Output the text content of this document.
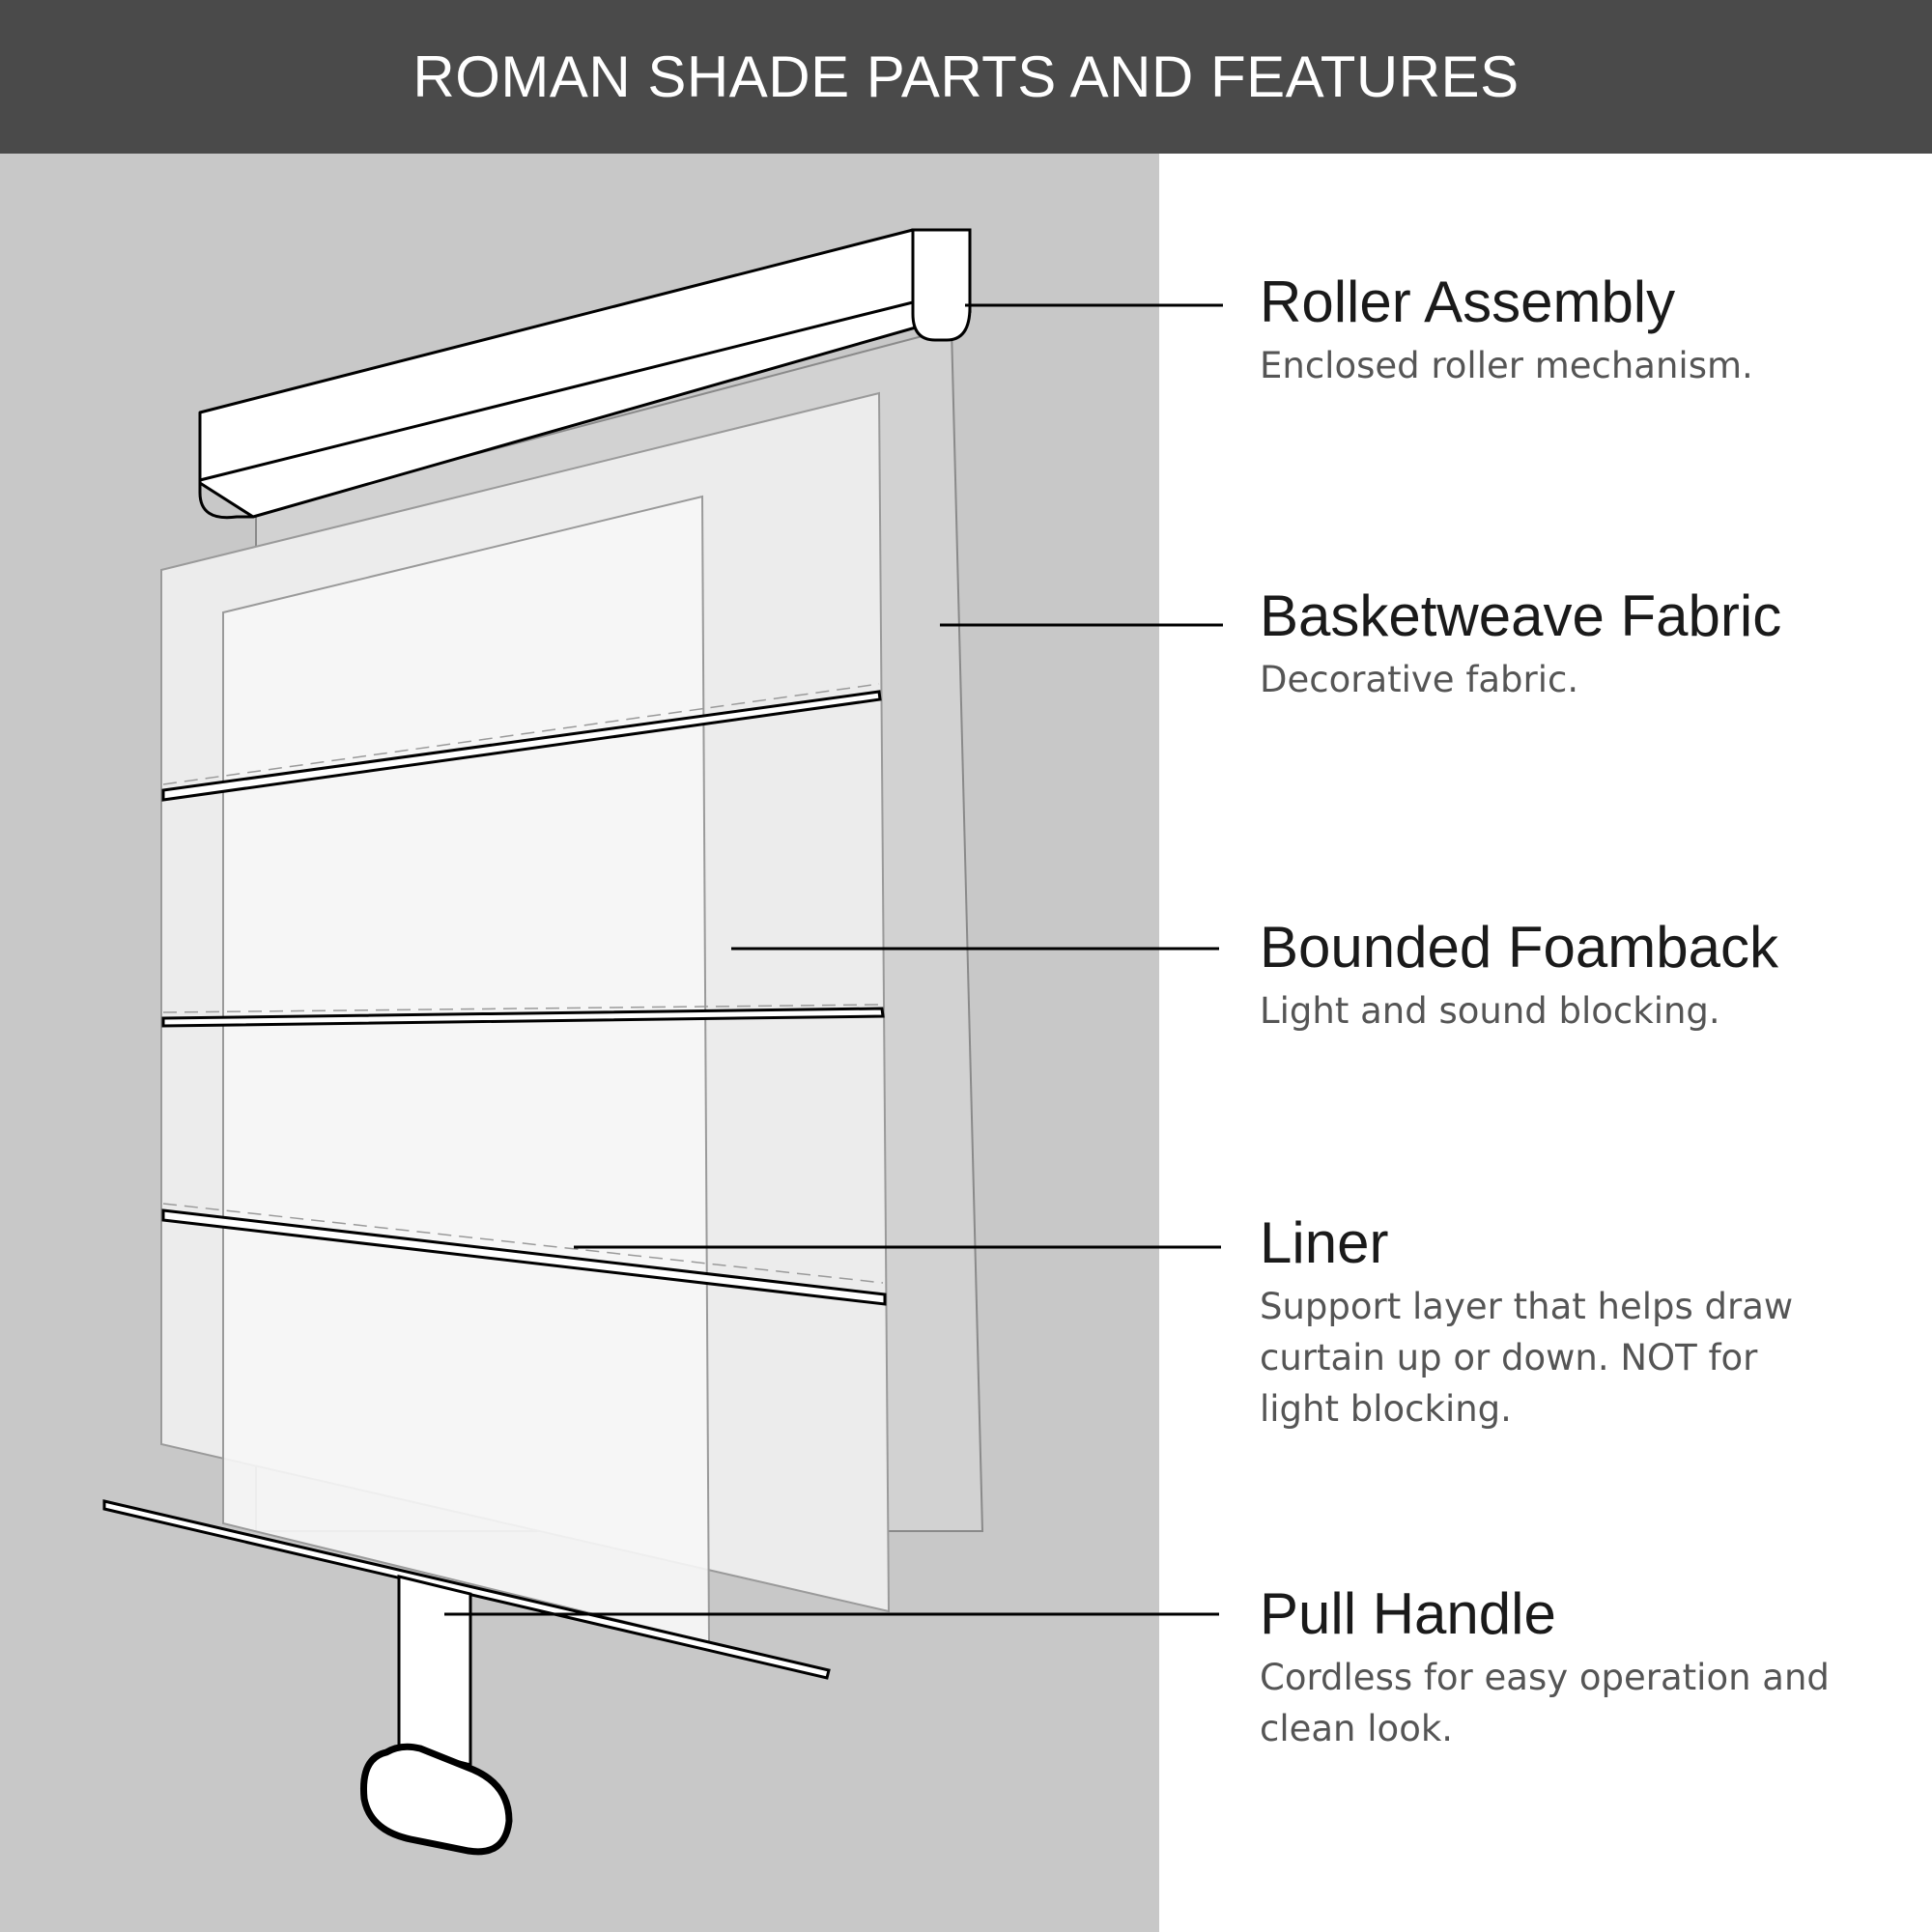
ROMAN SHADE PARTS AND FEATURES
Roller Assembly
Enclosed roller mechanism.
Basketweave Fabric
Decorative fabric.
Bounded Foamback
Light and sound blocking.
Liner
Support layer that helps draw curtain up or down. NOT for light blocking.
Pull Handle
Cordless for easy operation and clean look.
